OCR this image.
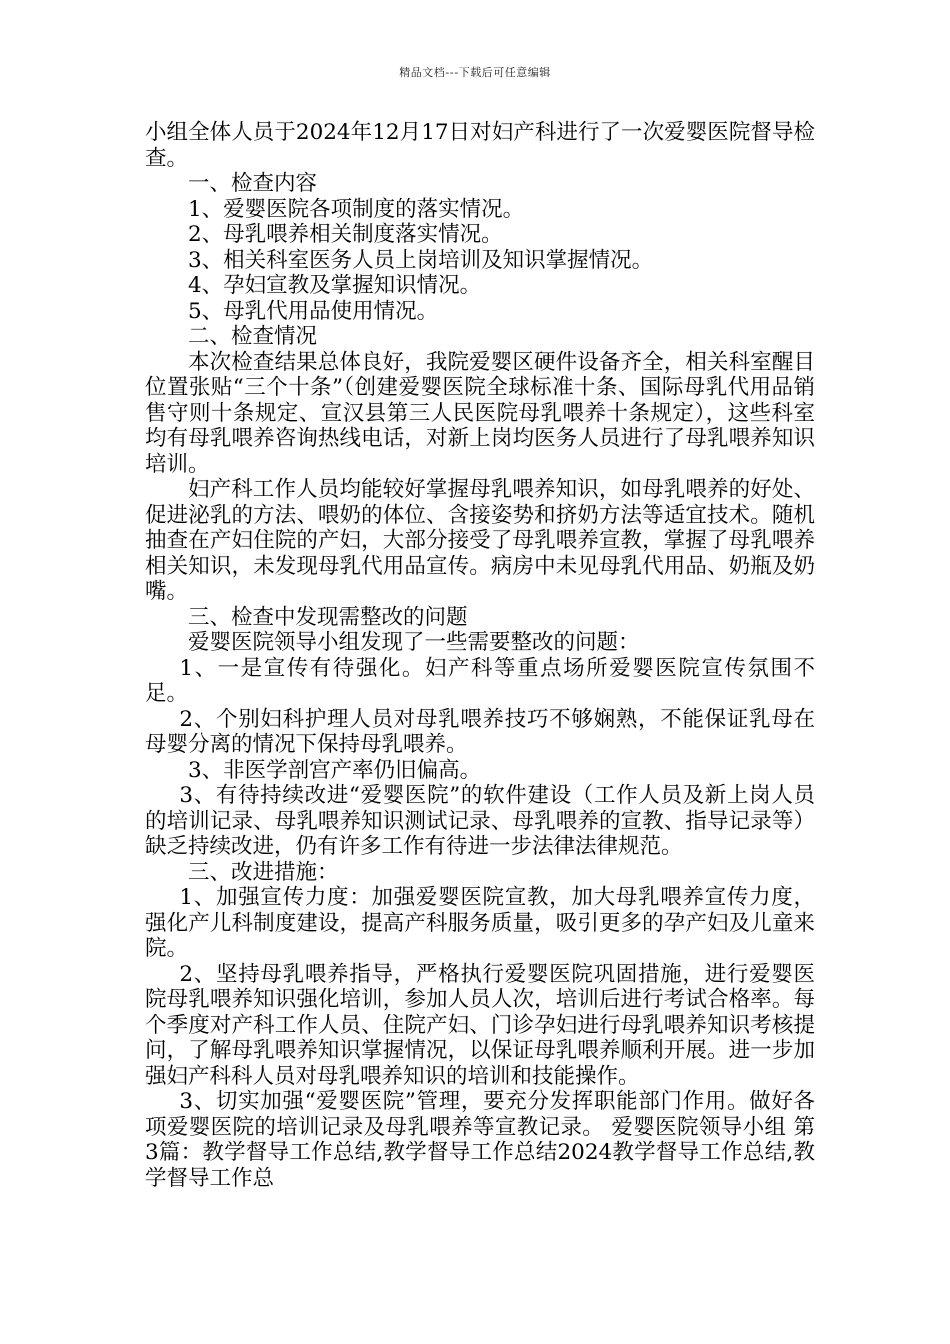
精品文档---下载后可任意编辑

小组全体人员于2024年12月17日对妇产科进行了一次爱婴医院督导检查。

一、检查内容

1、爱婴医院各项制度的落实情况。

2、母乳喂养相关制度落实情况。

3、相关科室医务人员上岗培训及知识掌握情况。

4、孕妇宣教及掌握知识情况。

5、母乳代用品使用情况。

二、检查情况

本次检查结果总体良好，我院爱婴区硬件设备齐全，相关科室醒目位置张贴“三个十条”（创建爱婴医院全球标准十条、国际母乳代用品销售守则十条规定、宣汉县第三人民医院母乳喂养十条规定），这些科室均有母乳喂养咨询热线电话，对新上岗均医务人员进行了母乳喂养知识培训。

妇产科工作人员均能较好掌握母乳喂养知识，如母乳喂养的好处、促进泌乳的方法、喂奶的体位、含接姿势和挤奶方法等适宜技术。随机抽查在产妇住院的产妇，大部分接受了母乳喂养宣教，掌握了母乳喂养相关知识，未发现母乳代用品宣传。病房中未见母乳代用品、奶瓶及奶嘴。

三、检查中发现需整改的问题

爱婴医院领导小组发现了一些需要整改的问题：

1、一是宣传有待强化。妇产科等重点场所爱婴医院宣传氛围不足。

2、个别妇科护理人员对母乳喂养技巧不够娴熟，不能保证乳母在母婴分离的情况下保持母乳喂养。

3、非医学剖宫产率仍旧偏高。

3、有待持续改进“爱婴医院”的软件建设（工作人员及新上岗人员的培训记录、母乳喂养知识测试记录、母乳喂养的宣教、指导记录等）缺乏持续改进，仍有许多工作有待进一步法律法律规范。

三、改进措施：

1、加强宣传力度：加强爱婴医院宣教，加大母乳喂养宣传力度，强化产儿科制度建设，提高产科服务质量，吸引更多的孕产妇及儿童来院。

2、坚持母乳喂养指导，严格执行爱婴医院巩固措施，进行爱婴医院母乳喂养知识强化培训，参加人员人次，培训后进行考试合格率。每个季度对产科工作人员、住院产妇、门诊孕妇进行母乳喂养知识考核提问，了解母乳喂养知识掌握情况，以保证母乳喂养顺利开展。进一步加强妇产科科人员对母乳喂养知识的培训和技能操作。

3、切实加强“爱婴医院”管理，要充分发挥职能部门作用。做好各项爱婴医院的培训记录及母乳喂养等宣教记录。 爱婴医院领导小组 第3篇：教学督导工作总结,教学督导工作总结2024教学督导工作总结,教学督导工作总
